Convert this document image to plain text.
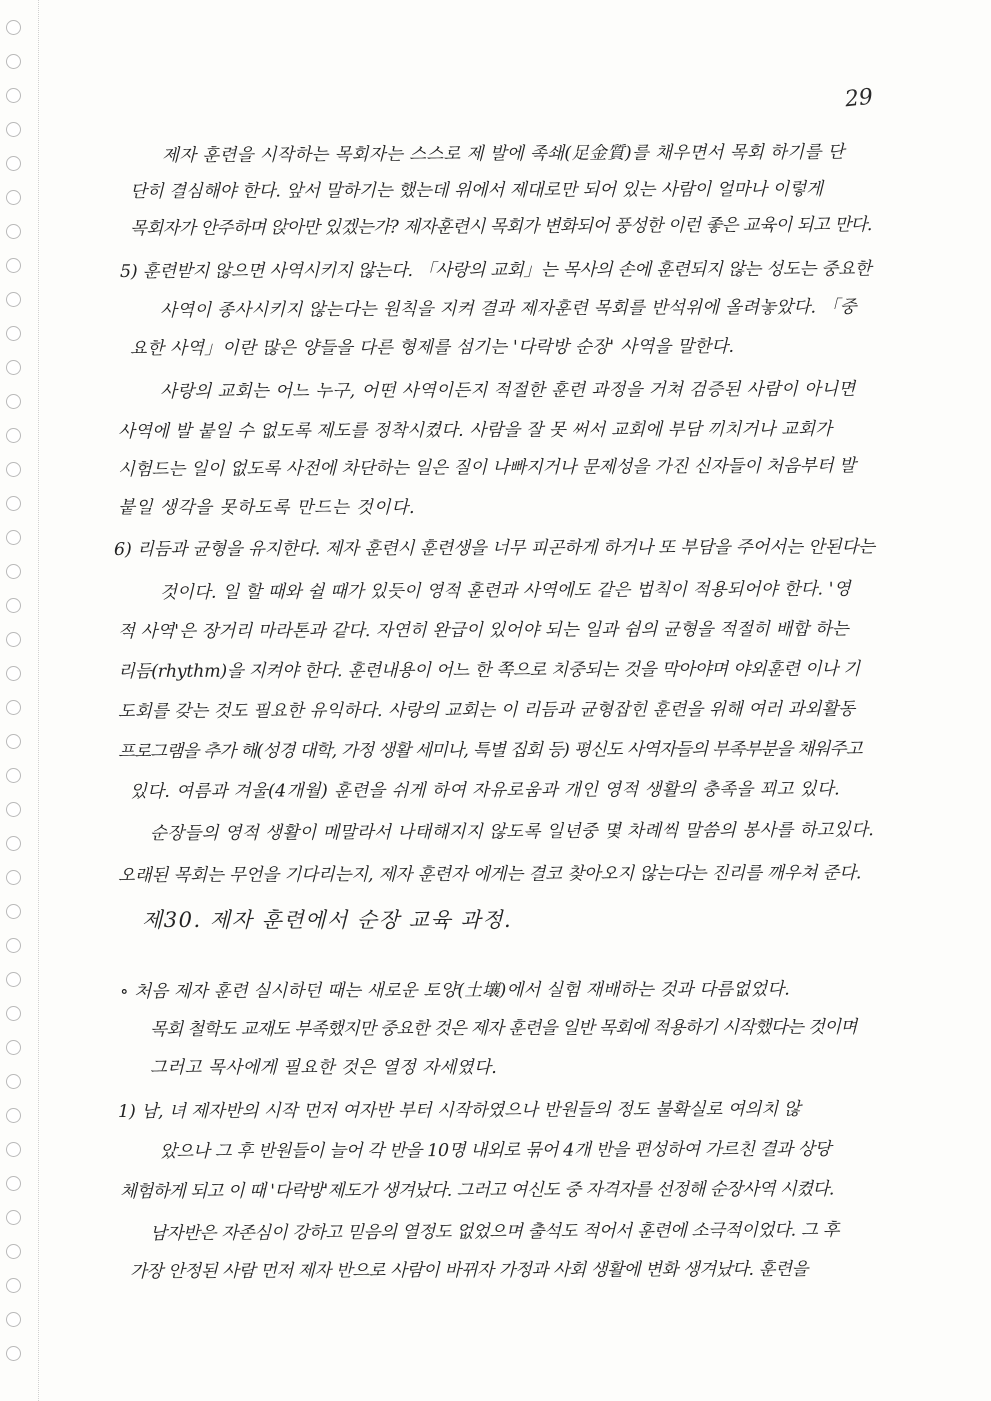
29
제자 훈련을 시작하는 목회자는 스스로 제 발에 족쇄(足金質)를 채우면서 목회 하기를 단
단히 결심해야 한다. 앞서 말하기는 했는데 위에서 제대로만 되어 있는 사람이 얼마나 이렇게
목회자가 안주하며 앉아만 있겠는가? 제자훈련시 목회가 변화되어 풍성한 이런 좋은 교육이 되고 만다.
5) 훈련받지 않으면 사역시키지 않는다. 「사랑의 교회」는 목사의 손에 훈련되지 않는 성도는 중요한
사역이 종사시키지 않는다는 원칙을 지켜 결과 제자훈련 목회를 반석위에 올려놓았다. 「중
요한 사역」이란 많은 양들을 다른 형제를 섬기는 '다락방 순장' 사역을 말한다.
사랑의 교회는 어느 누구, 어떤 사역이든지 적절한 훈련 과정을 거쳐 검증된 사람이 아니면
사역에 발 붙일 수 없도록 제도를 정착시켰다. 사람을 잘 못 써서 교회에 부담 끼치거나 교회가
시험드는 일이 없도록 사전에 차단하는 일은 질이 나빠지거나 문제성을 가진 신자들이 처음부터 발
붙일 생각을 못하도록 만드는 것이다.
6) 리듬과 균형을 유지한다. 제자 훈련시 훈련생을 너무 피곤하게 하거나 또 부담을 주어서는 안된다는
것이다. 일 할 때와 쉴 때가 있듯이 영적 훈련과 사역에도 같은 법칙이 적용되어야 한다. '영
적 사역'은 장거리 마라톤과 같다. 자연히 완급이 있어야 되는 일과 쉼의 균형을 적절히 배합 하는
리듬(rhythm)을 지켜야 한다. 훈련내용이 어느 한 쪽으로 치중되는 것을 막아야며 야외훈련 이나 기
도회를 갖는 것도 필요한 유익하다. 사랑의 교회는 이 리듬과 균형잡힌 훈련을 위해 여러 과외활동
프로그램을 추가 해(성경 대학, 가정 생활 세미나, 특별 집회 등) 평신도 사역자들의 부족부분을 채워주고
있다. 여름과 겨울(4개월) 훈련을 쉬게 하여 자유로움과 개인 영적 생활의 충족을 꾀고 있다.
순장들의 영적 생활이 메말라서 나태해지지 않도록 일년중 몇 차례씩 말씀의 봉사를 하고있다.
오래된 목회는 무언을 기다리는지, 제자 훈련자 에게는 결코 찾아오지 않는다는 진리를 깨우쳐 준다.
제30. 제자 훈련에서 순장 교육 과정.
∘ 처음 제자 훈련 실시하던 때는 새로운 토양(土壤)에서 실험 재배하는 것과 다름없었다.
목회 철학도 교재도 부족했지만 중요한 것은 제자 훈련을 일반 목회에 적용하기 시작했다는 것이며
그러고 목사에게 필요한 것은 열정 자세였다.
1) 남, 녀 제자반의 시작 먼저 여자반 부터 시작하였으나 반원들의 정도 불확실로 여의치 않
았으나 그 후 반원들이 늘어 각 반을 10명 내외로 묶어 4개 반을 편성하여 가르친 결과 상당
체험하게 되고 이 때 '다락방'제도가 생겨났다. 그러고 여신도 중 자격자를 선정해 순장사역 시켰다.
남자반은 자존심이 강하고 믿음의 열정도 없었으며 출석도 적어서 훈련에 소극적이었다. 그 후
가장 안정된 사람 먼저 제자 반으로 사람이 바뀌자 가정과 사회 생활에 변화 생겨났다. 훈련을
